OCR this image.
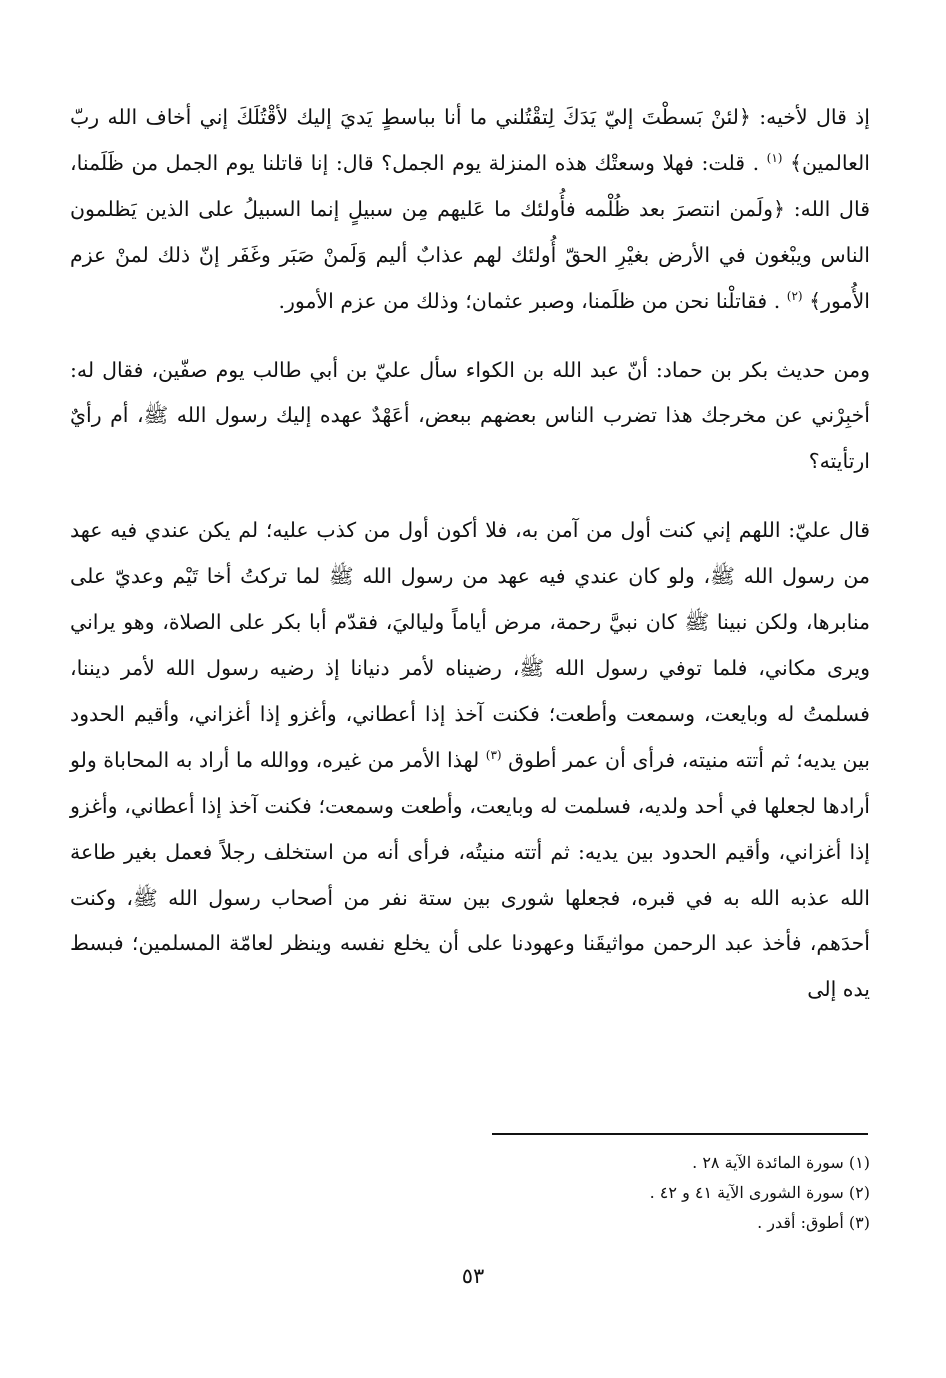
إذ قال لأخيه: ﴿لئنْ بَسطْتَ إليّ يَدَكَ لِتقْتُلني ما أنا بباسطٍ يَديَ إليك لأقْتُلَكَ إني أخاف الله ربّ العالمين﴾ $^{(١)}$ . قلت: فهلا وسعتْك هذه المنزلة يوم الجمل؟ قال: إنا قاتلنا يوم الجمل من ظَلَمنا، قال الله: ﴿ولَمن انتصرَ بعد ظُلْمه فأُولئك ما عَليهم مِن سبيلٍ إنما السبيلُ على الذين يَظلمون الناس ويبْغون في الأرض بغيْرِ الحقّ أُولئك لهم عذابٌ أليم وَلَمنْ صَبَر وغَفَر إنّ ذلك لمنْ عزم الأُمور﴾ $^{(٢)}$ . فقاتلْنا نحن من ظلَمنا، وصبر عثمان؛ وذلك من عزم الأمور.

ومن حديث بكر بن حماد: أنّ عبد الله بن الكواء سأل عليّ بن أبي طالب يوم صفّين، فقال له: أخبِرْني عن مخرجك هذا تضرب الناس بعضهم ببعض، أعَهْدٌ عهده إليك رسول الله ﷺ، أم رأيٌ ارتأيته؟

قال عليّ: اللهم إني كنت أول من آمن به، فلا أكون أول من كذب عليه؛ لم يكن عندي فيه عهد من رسول الله ﷺ، ولو كان عندي فيه عهد من رسول الله ﷺ لما تركتُ أخا تَيْم وعديّ على منابرها، ولكن نبينا ﷺ كان نبيَّ رحمة، مرض أياماً ولياليَ، فقدّم أبا بكر على الصلاة، وهو يراني ويرى مكاني، فلما توفي رسول الله ﷺ، رضيناه لأمر دنيانا إذ رضيه رسول الله لأمر ديننا، فسلمتُ له وبايعت، وسمعت وأطعت؛ فكنت آخذ إذا أعطاني، وأغزو إذا أغزاني، وأقيم الحدود بين يديه؛ ثم أتته منيته، فرأى أن عمر أطوق $^{(٣)}$ لهذا الأمر من غيره، ووالله ما أراد به المحاباة ولو أرادها لجعلها في أحد ولديه، فسلمت له وبايعت، وأطعت وسمعت؛ فكنت آخذ إذا أعطاني، وأغزو إذا أغزاني، وأقيم الحدود بين يديه: ثم أتته منيتُه، فرأى أنه من استخلف رجلاً فعمل بغير طاعة الله عذبه الله به في قبره، فجعلها شورى بين ستة نفر من أصحاب رسول الله ﷺ، وكنت أحدَهم، فأخذ عبد الرحمن مواثيقَنا وعهودنا على أن يخلع نفسه وينظر لعامّة المسلمين؛ فبسط يده إلى

(١) سورة المائدة الآية ٢٨ .

(٢) سورة الشورى الآية ٤١ و ٤٢ .

(٣) أطوق: أقدر .

٥٣
